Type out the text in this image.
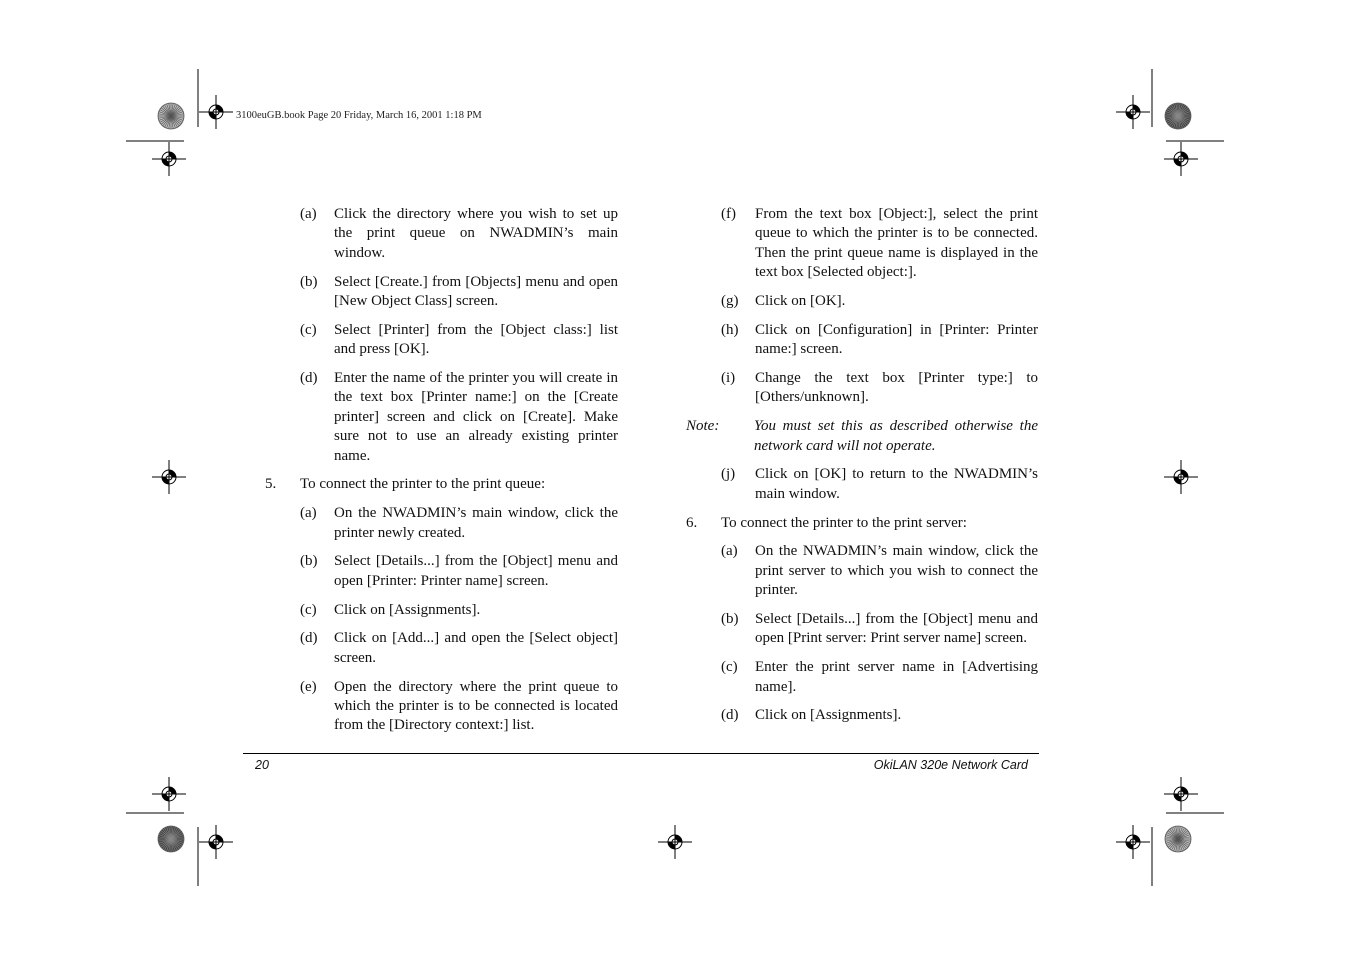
3100euGB.book Page 20 Friday, March 16, 2001 1:18 PM
(a)	Click the directory where you wish to set up the print queue on NWADMIN’s main window.
(b)	Select [Create.] from [Objects] menu and open [New Object Class] screen.
(c)	Select [Printer] from the [Object class:] list and press [OK].
(d)	Enter the name of the printer you will create in the text box [Printer name:] on the [Create printer] screen and click on [Create]. Make sure not to use an already existing printer name.
5.	To connect the printer to the print queue:
(a)	On the NWADMIN’s main window, click the printer newly created.
(b)	Select [Details...] from the [Object] menu and open [Printer: Printer name] screen.
(c)	Click on [Assignments].
(d)	Click on [Add...] and open the [Select object] screen.
(e)	Open the directory where the print queue to which the printer is to be connected is located from the [Directory context:] list.
(f)	From the text box [Object:], select the print queue to which the printer is to be connected. Then the print queue name is displayed in the text box [Selected object:].
(g)	Click on [OK].
(h)	Click on [Configuration] in [Printer: Printer name:] screen.
(i)	Change the text box [Printer type:] to [Others/unknown].
Note:	You must set this as described otherwise the network card will not operate.
(j)	Click on [OK] to return to the NWADMIN’s main window.
6.	To connect the printer to the print server:
(a)	On the NWADMIN’s main window, click the print server to which you wish to connect the printer.
(b)	Select [Details...] from the [Object] menu and open [Print server: Print server name] screen.
(c)	Enter the print server name in [Advertising name].
(d)	Click on [Assignments].
20	OkiLAN 320e Network Card
